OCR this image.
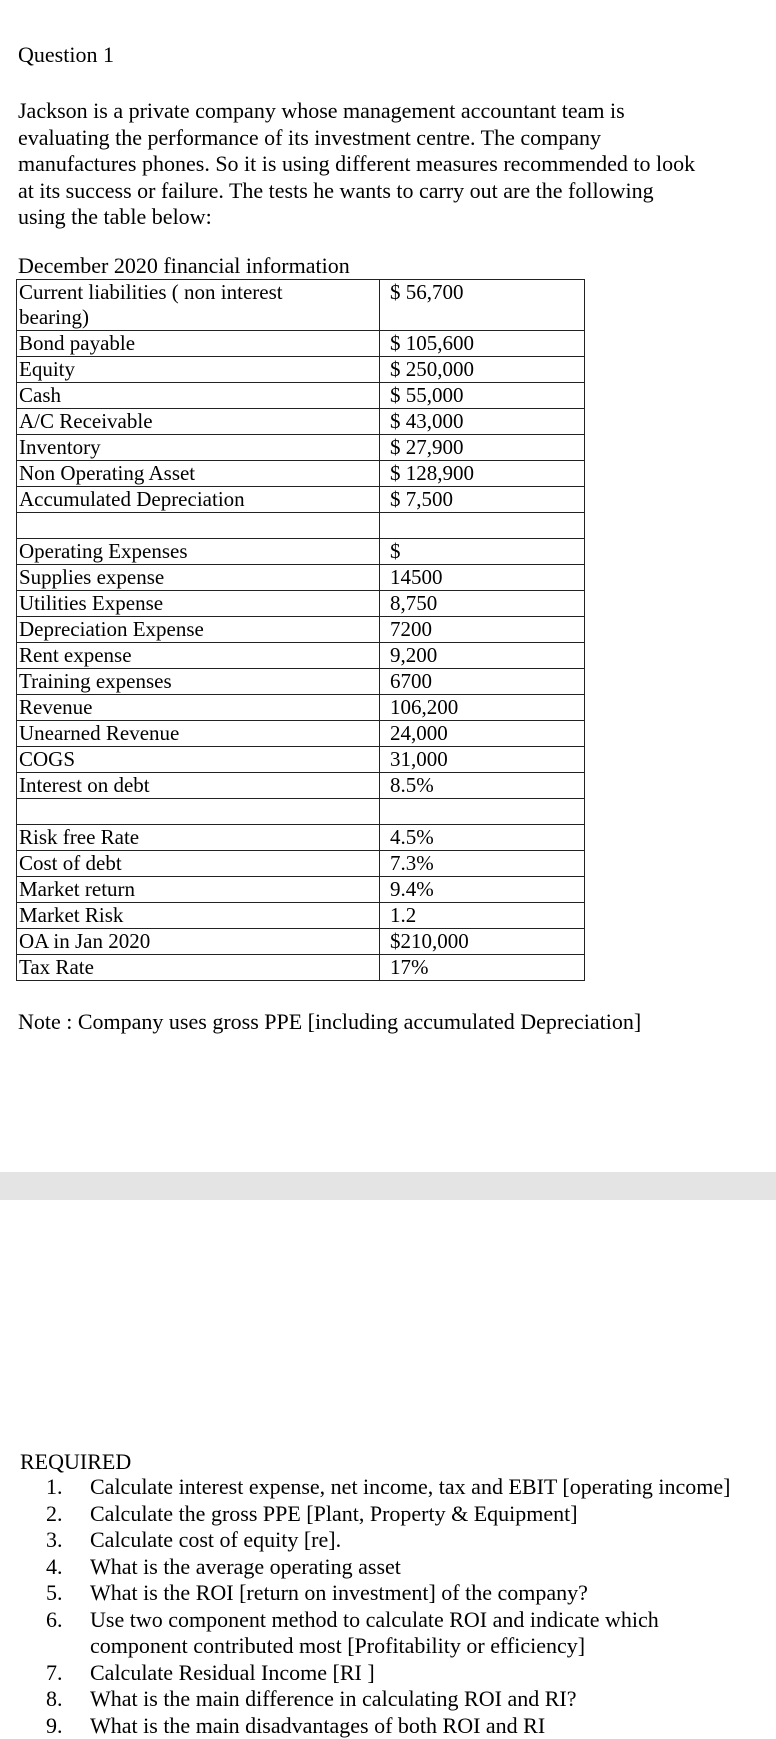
Question 1
Jackson is a private company whose management accountant team is
evaluating the performance of its investment centre. The company
manufactures phones. So it is using different measures recommended to look
at its success or failure. The tests he wants to carry out are the following
using the table below:
December 2020 financial information
Current liabilities ( non interest
bearing)	$ 56,700
Bond payable	$ 105,600
Equity	$ 250,000
Cash	$ 55,000
A/C Receivable	$ 43,000
Inventory	$ 27,900
Non Operating Asset	$ 128,900
Accumulated Depreciation	$ 7,500

Operating Expenses	$
Supplies expense	14500
Utilities Expense	8,750
Depreciation Expense	7200
Rent expense	9,200
Training expenses	6700
Revenue	106,200
Unearned Revenue	24,000
COGS	31,000
Interest on debt	8.5%

Risk free Rate	4.5%
Cost of debt	7.3%
Market return	9.4%
Market Risk	1.2
OA in Jan 2020	$210,000
Tax Rate	17%
Note : Company uses gross PPE [including accumulated Depreciation]
REQUIRED
1.	Calculate interest expense, net income, tax and EBIT [operating income]
2.	Calculate the gross PPE [Plant, Property & Equipment]
3.	Calculate cost of equity [re].
4.	What is the average operating asset
5.	What is the ROI [return on investment] of the company?
6.	Use two component method to calculate ROI and indicate which component contributed most [Profitability or efficiency]
7.	Calculate Residual Income [RI ]
8.	What is the main difference in calculating ROI and RI?
9.	What is the main disadvantages of both ROI and RI
